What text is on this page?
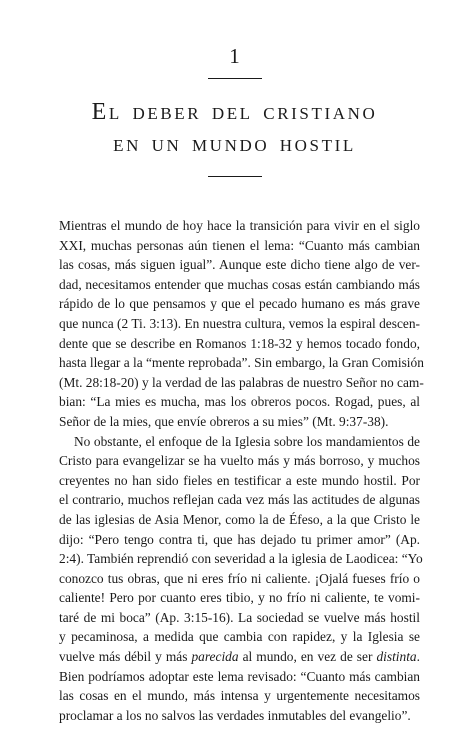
1
El deber del cristiano
en un mundo hostil
Mientras el mundo de hoy hace la transición para vivir en el siglo
XXI, muchas personas aún tienen el lema: “Cuanto más cambian
las cosas, más siguen igual”. Aunque este dicho tiene algo de ver-
dad, necesitamos entender que muchas cosas están cambiando más
rápido de lo que pensamos y que el pecado humano es más grave
que nunca (2 Ti. 3:13). En nuestra cultura, vemos la espiral descen-
dente que se describe en Romanos 1:18-32 y hemos tocado fondo,
hasta llegar a la “mente reprobada”. Sin embargo, la Gran Comisión
(Mt. 28:18-20) y la verdad de las palabras de nuestro Señor no cam-
bian: “La mies es mucha, mas los obreros pocos. Rogad, pues, al
Señor de la mies, que envíe obreros a su mies” (Mt. 9:37-38).
No obstante, el enfoque de la Iglesia sobre los mandamientos de
Cristo para evangelizar se ha vuelto más y más borroso, y muchos
creyentes no han sido fieles en testificar a este mundo hostil. Por
el contrario, muchos reflejan cada vez más las actitudes de algunas
de las iglesias de Asia Menor, como la de Éfeso, a la que Cristo le
dijo: “Pero tengo contra ti, que has dejado tu primer amor” (Ap.
2:4). También reprendió con severidad a la iglesia de Laodicea: “Yo
conozco tus obras, que ni eres frío ni caliente. ¡Ojalá fueses frío o
caliente! Pero por cuanto eres tibio, y no frío ni caliente, te vomi-
taré de mi boca” (Ap. 3:15-16). La sociedad se vuelve más hostil
y pecaminosa, a medida que cambia con rapidez, y la Iglesia se
vuelve más débil y más parecida al mundo, en vez de ser distinta.
Bien podríamos adoptar este lema revisado: “Cuanto más cambian
las cosas en el mundo, más intensa y urgentemente necesitamos
proclamar a los no salvos las verdades inmutables del evangelio”.
